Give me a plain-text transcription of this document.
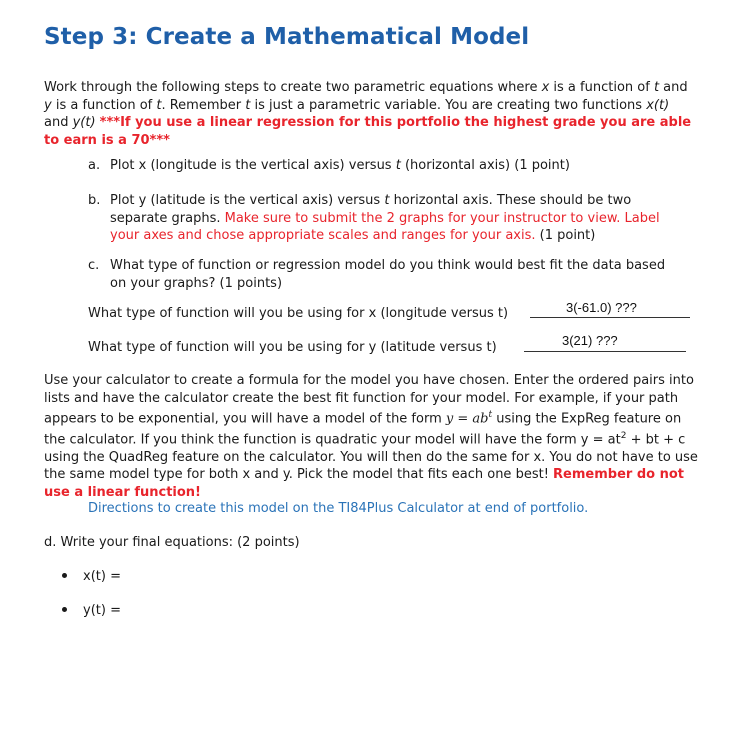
Step 3: Create a Mathematical Model

Work through the following steps to create two parametric equations where x is a function of t and y is a function of t. Remember t is just a parametric variable. You are creating two functions x(t) and y(t) ***If you use a linear regression for this portfolio the highest grade you are able to earn is a 70***

a. Plot x (longitude is the vertical axis) versus t (horizontal axis) (1 point)
b. Plot y (latitude is the vertical axis) versus t horizontal axis. These should be two separate graphs. Make sure to submit the 2 graphs for your instructor to view. Label your axes and chose appropriate scales and ranges for your axis. (1 point)
c. What type of function or regression model do you think would best fit the data based on your graphs? (1 points)

What type of function will you be using for x (longitude versus t)	3(-61.0) ???

What type of function will you be using for y (latitude versus t)	3(21) ???

Use your calculator to create a formula for the model you have chosen. Enter the ordered pairs into lists and have the calculator create the best fit function for your model. For example, if your path appears to be exponential, you will have a model of the form $y = ab^t$ using the ExpReg feature on the calculator. If you think the function is quadratic your model will have the form $y = at^2$ + bt + c using the QuadReg feature on the calculator. You will then do the same for x. You do not have to use the same model type for both x and y. Pick the model that fits each one best! Remember do not use a linear function!

Directions to create this model on the TI84Plus Calculator at end of portfolio.

d. Write your final equations: (2 points)

x(t) =

y(t) =
